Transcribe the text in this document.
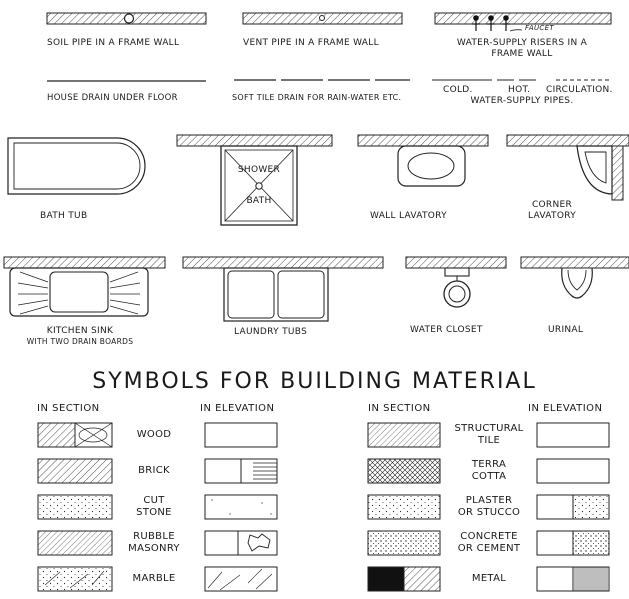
SOIL PIPE IN A FRAME WALL	VENT PIPE IN A FRAME WALL	WATER-SUPPLY RISERS IN A
FRAME WALL
FAUCET
HOUSE DRAIN UNDER FLOOR	SOFT TILE DRAIN FOR RAIN-WATER ETC.
COLD.	HOT. CIRCULATION.
WATER-SUPPLY PIPES.
BATH TUB
SHOWER
BATH
WALL LAVATORY
CORNER
LAVATORY
KITCHEN SINK
WITH TWO DRAIN BOARDS
LAUNDRY TUBS	WATER CLOSET	URINAL
SYMBOLS FOR BUILDING MATERIAL
IN SECTION	IN ELEVATION	IN SECTION	IN ELEVATION
WOOD
BRICK
CUT
STONE
RUBBLE
MASONRY
MARBLE
STRUCTURAL
TILE
TERRA
COTTA
PLASTER
OR STUCCO
CONCRETE
OR CEMENT
METAL
